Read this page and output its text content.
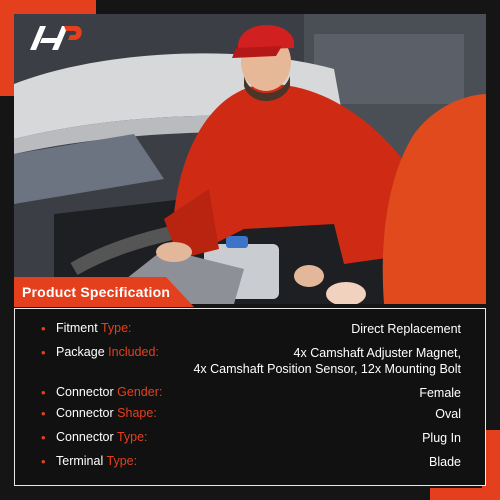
Product Specification
• Fitment Type:	Direct Replacement
• Package Included:	4x Camshaft Adjuster Magnet,
4x Camshaft Position Sensor, 12x Mounting Bolt
• Connector Gender:	Female
• Connector Shape:	Oval
• Connector Type:	Plug In
• Terminal Type:	Blade
